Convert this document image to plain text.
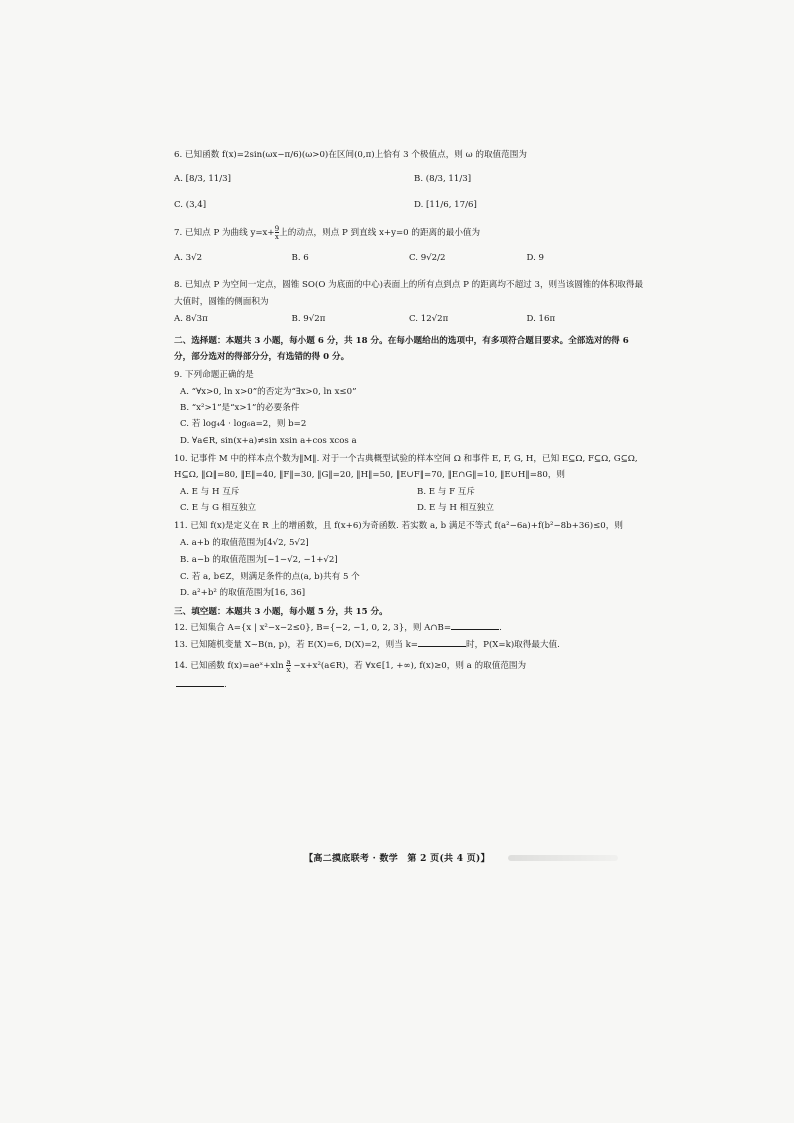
6. 已知函数 f(x)=2sin(ωx−π/6)(ω>0)在区间(0,π)上恰有 3 个极值点，则 ω 的取值范围为

A. [8/3, 11/3]	B. (8/3, 11/3]

C. (3,4]	D. [11/6, 17/6]

7. 已知点 P 为曲线 $y=x+ \frac{9}{x}$ 上的动点，则点 P 到直线 x+y=0 的距离的最小值为

A. 3√2	B. 6	C. 9√2/2	D. 9

8. 已知点 P 为空间一定点，圆锥 SO(O 为底面的中心)表面上的所有点到点 P 的距离均不超过 3，则当该圆锥的体积取得最大值时，圆锥的侧面积为

A. 8√3π	B. 9√2π	C. 12√2π	D. 16π

二、选择题：本题共 3 小题，每小题 6 分，共 18 分。在每小题给出的选项中，有多项符合题目要求。全部选对的得 6 分，部分选对的得部分分，有选错的得 0 分。

9. 下列命题正确的是

A. “∀x>0, ln x>0”的否定为“∃x>0, ln x≤0”

B. “x²>1”是“x>1”的必要条件

C. 若 log₄4 · log₆a=2，则 b=2

D. ∀a∈R, sin(x+a)≠sin xsin a+cos xcos a

10. 记事件 M 中的样本点个数为‖M‖. 对于一个古典概型试验的样本空间 Ω 和事件 E, F, G, H，已知 E⊆Ω, F⊆Ω, G⊆Ω, H⊆Ω, ‖Ω‖=80, ‖E‖=40, ‖F‖=30, ‖G‖=20, ‖H‖=50, ‖E∪F‖=70, ‖E∩G‖=10, ‖E∪H‖=80，则

A. E 与 H 互斥	B. E 与 F 互斥

C. E 与 G 相互独立	D. E 与 H 相互独立

11. 已知 f(x)是定义在 R 上的增函数，且 f(x+6)为奇函数. 若实数 a, b 满足不等式 f(a²−6a)+f(b²−8b+36)≤0，则

A. a+b 的取值范围为[4√2, 5√2]

B. a−b 的取值范围为[−1−√2, −1+√2]

C. 若 a, b∈Z，则满足条件的点(a, b)共有 5 个

D. a²+b² 的取值范围为[16, 36]

三、填空题：本题共 3 小题，每小题 5 分，共 15 分。

12. 已知集合 A={x | x²−x−2≤0}, B={−2, −1, 0, 2, 3}，则 A∩B=	.
13. 已知随机变量 X~B(n, p)，若 E(X)=6, D(X)=2，则当 k=	时，P(X=k)取得最大值.
14. 已知函数 f(x)=aeˣ+xln $\frac{a}{x}$ −x+x²(a∈R)，若 ∀x∈[1, +∞), f(x)≥0，则 a 的取值范围为
.
【高二摸底联考 · 数学　第 2 页(共 4 页)】
